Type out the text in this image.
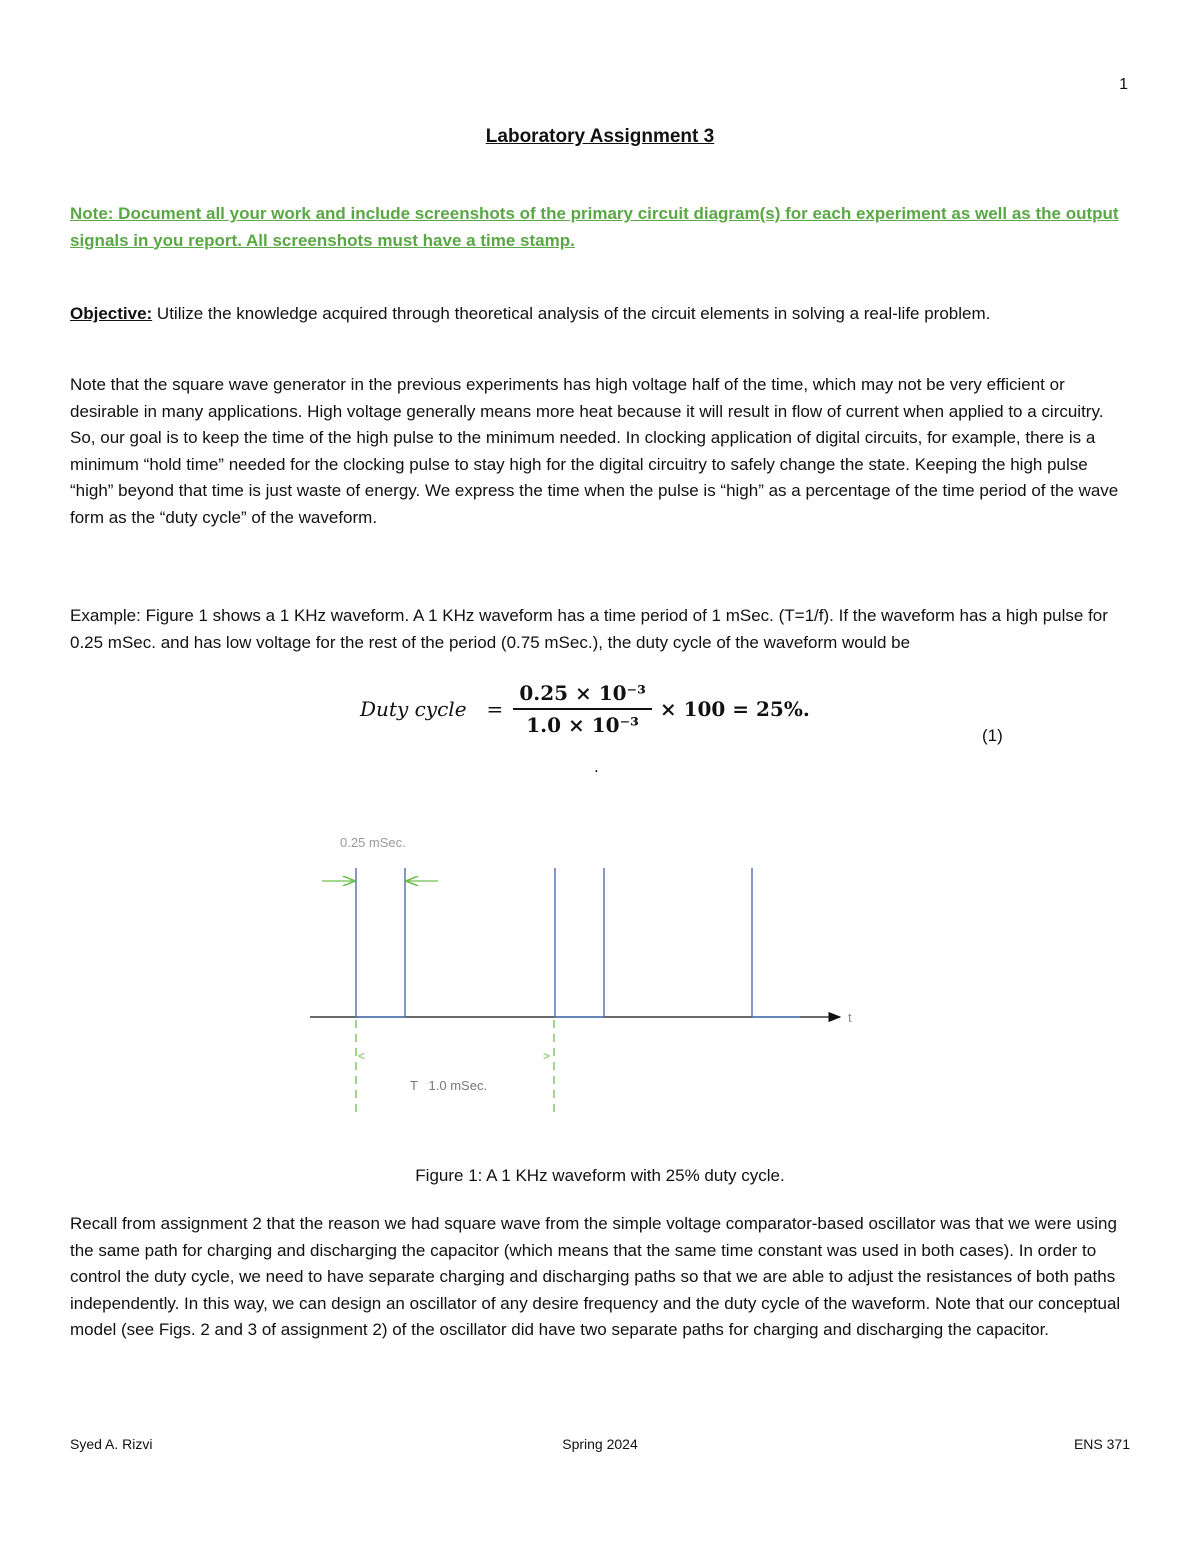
1
Laboratory Assignment 3
Note: Document all your work and include screenshots of the primary circuit diagram(s) for each experiment as well as the output signals in you report. All screenshots must have a time stamp.
Objective: Utilize the knowledge acquired through theoretical analysis of the circuit elements in solving a real-life problem.
Note that the square wave generator in the previous experiments has high voltage half of the time, which may not be very efficient or desirable in many applications. High voltage generally means more heat because it will result in flow of current when applied to a circuitry. So, our goal is to keep the time of the high pulse to the minimum needed. In clocking application of digital circuits, for example, there is a minimum “hold time” needed for the clocking pulse to stay high for the digital circuitry to safely change the state. Keeping the high pulse “high” beyond that time is just waste of energy. We express the time when the pulse is “high” as a percentage of the time period of the wave form as the “duty cycle” of the waveform.
Example: Figure 1 shows a 1 KHz waveform. A 1 KHz waveform has a time period of 1 mSec. (T=1/f). If the waveform has a high pulse for 0.25 mSec. and has low voltage for the rest of the period (0.75 mSec.), the duty cycle of the waveform would be
Duty cycle = $\frac{\text{0.25 × 10⁻³}}{\text{1.0 × 10⁻³}} \times 100 = 25\%$.
(1)
.
t
0.25 mSec.
<	>
T   1.0 mSec.
Figure 1: A 1 KHz waveform with 25% duty cycle.
Recall from assignment 2 that the reason we had square wave from the simple voltage comparator-based oscillator was that we were using the same path for charging and discharging the capacitor (which means that the same time constant was used in both cases). In order to control the duty cycle, we need to have separate charging and discharging paths so that we are able to adjust the resistances of both paths independently. In this way, we can design an oscillator of any desire frequency and the duty cycle of the waveform. Note that our conceptual model (see Figs. 2 and 3 of assignment 2) of the oscillator did have two separate paths for charging and discharging the capacitor.
Syed A. Rizvi	Spring 2024	ENS 371
